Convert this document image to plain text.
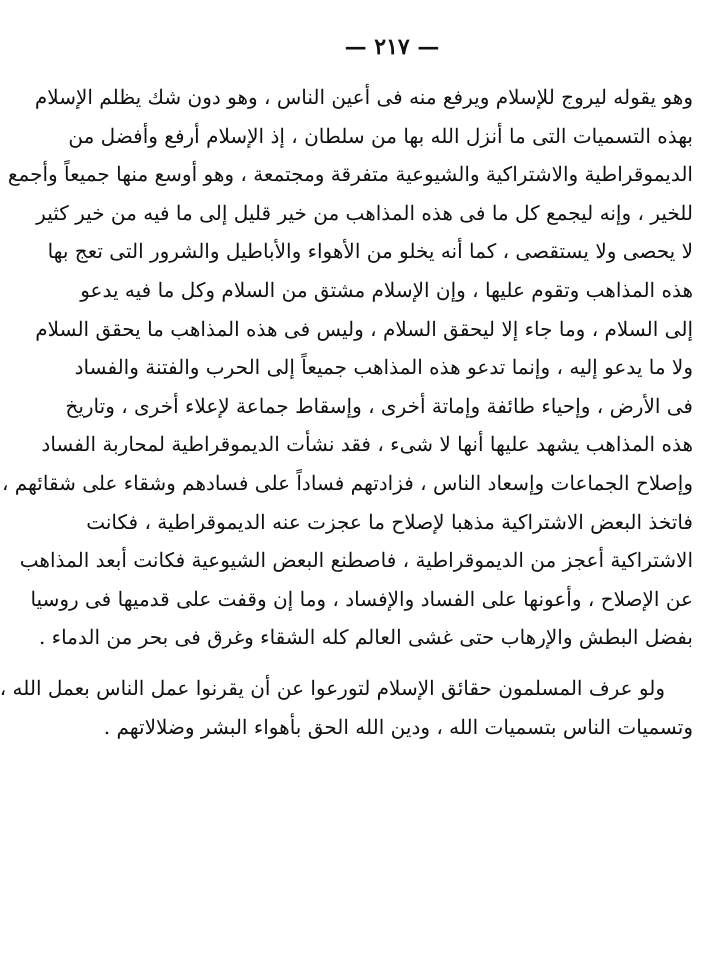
— ٢١٧ —
وهو يقوله ليروج للإسلام ويرفع منه فى أعين الناس ، وهو دون شك يظلم الإسلام
بهذه التسميات التى ما أنزل الله بها من سلطان ، إذ الإسلام أرفع وأفضل من
الديموقراطية والاشتراكية والشيوعية متفرقة ومجتمعة ، وهو أوسع منها جميعاً وأجمع
للخير ، وإنه ليجمع كل ما فى هذه المذاهب من خير قليل إلى ما فيه من خير كثير
لا يحصى ولا يستقصى ، كما أنه يخلو من الأهواء والأباطيل والشرور التى تعج بها
هذه المذاهب وتقوم عليها ، وإن الإسلام مشتق من السلام وكل ما فيه يدعو
إلى السلام ، وما جاء إلا ليحقق السلام ، وليس فى هذه المذاهب ما يحقق السلام
ولا ما يدعو إليه ، وإنما تدعو هذه المذاهب جميعاً إلى الحرب والفتنة والفساد
فى الأرض ، وإحياء طائفة وإماتة أخرى ، وإسقاط جماعة لإعلاء أخرى ، وتاريخ
هذه المذاهب يشهد عليها أنها لا شىء ، فقد نشأت الديموقراطية لمحاربة الفساد
وإصلاح الجماعات وإسعاد الناس ، فزادتهم فساداً على فسادهم وشقاء على شقائهم ،
فاتخذ البعض الاشتراكية مذهبا لإصلاح ما عجزت عنه الديموقراطية ، فكانت
الاشتراكية أعجز من الديموقراطية ، فاصطنع البعض الشيوعية فكانت أبعد المذاهب
عن الإصلاح ، وأعونها على الفساد والإفساد ، وما إن وقفت على قدميها فى روسيا
بفضل البطش والإرهاب حتى غشى العالم كله الشقاء وغرق فى بحر من الدماء .
ولو عرف المسلمون حقائق الإسلام لتورعوا عن أن يقرنوا عمل الناس بعمل الله ،
وتسميات الناس بتسميات الله ، ودين الله الحق بأهواء البشر وضلالاتهم .
